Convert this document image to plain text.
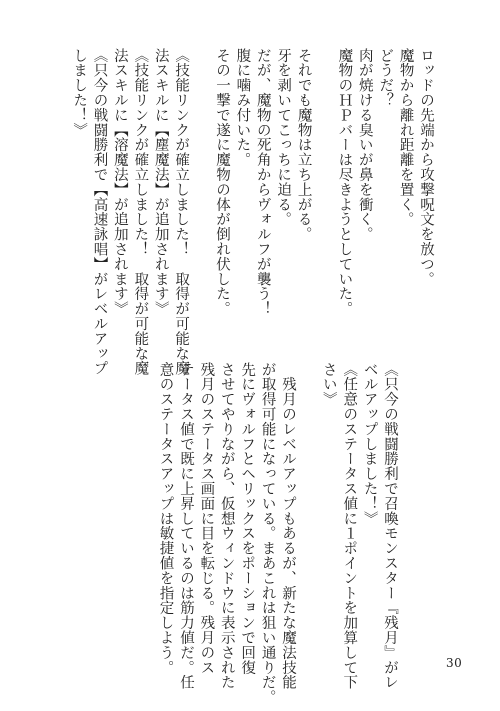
ロッドの先端から攻撃呪文を放つ。
魔物から離れ距離を置く。
どうだ？
肉が焼ける臭いが鼻を衝く。
魔物のＨＰバーは尽きようとしていた。

それでも魔物は立ち上がる。
牙を剥いてこっちに迫る。
だが、魔物の死角からヴォルフが襲う！
腹に噛み付いた。
その一撃で遂に魔物の体が倒れ伏した。

《技能リンクが確立しました！　取得が可能な魔
法スキルに【塵魔法】が追加されます》
《技能リンクが確立しました！　取得が可能な魔
法スキルに【溶魔法】が追加されます》
《只今の戦闘勝利で【高速詠唱】がレベルアップ
しました！》
《只今の戦闘勝利で召喚モンスター『残月』がレ
ベルアップしました！》
《任意のステータス値に１ポイントを加算して下
さい》

　残月のレベルアップもあるが、新たな魔法技能
が取得可能になっている。まあこれは狙い通りだ。
先にヴォルフとヘリックスをポーションで回復
させてやりながら、仮想ウィンドウに表示された
残月のステータス画面に目を転じる。残月のス
テータス値で既に上昇しているのは筋力値だ。任
意のステータスアップは敏捷値を指定しよう。	30
